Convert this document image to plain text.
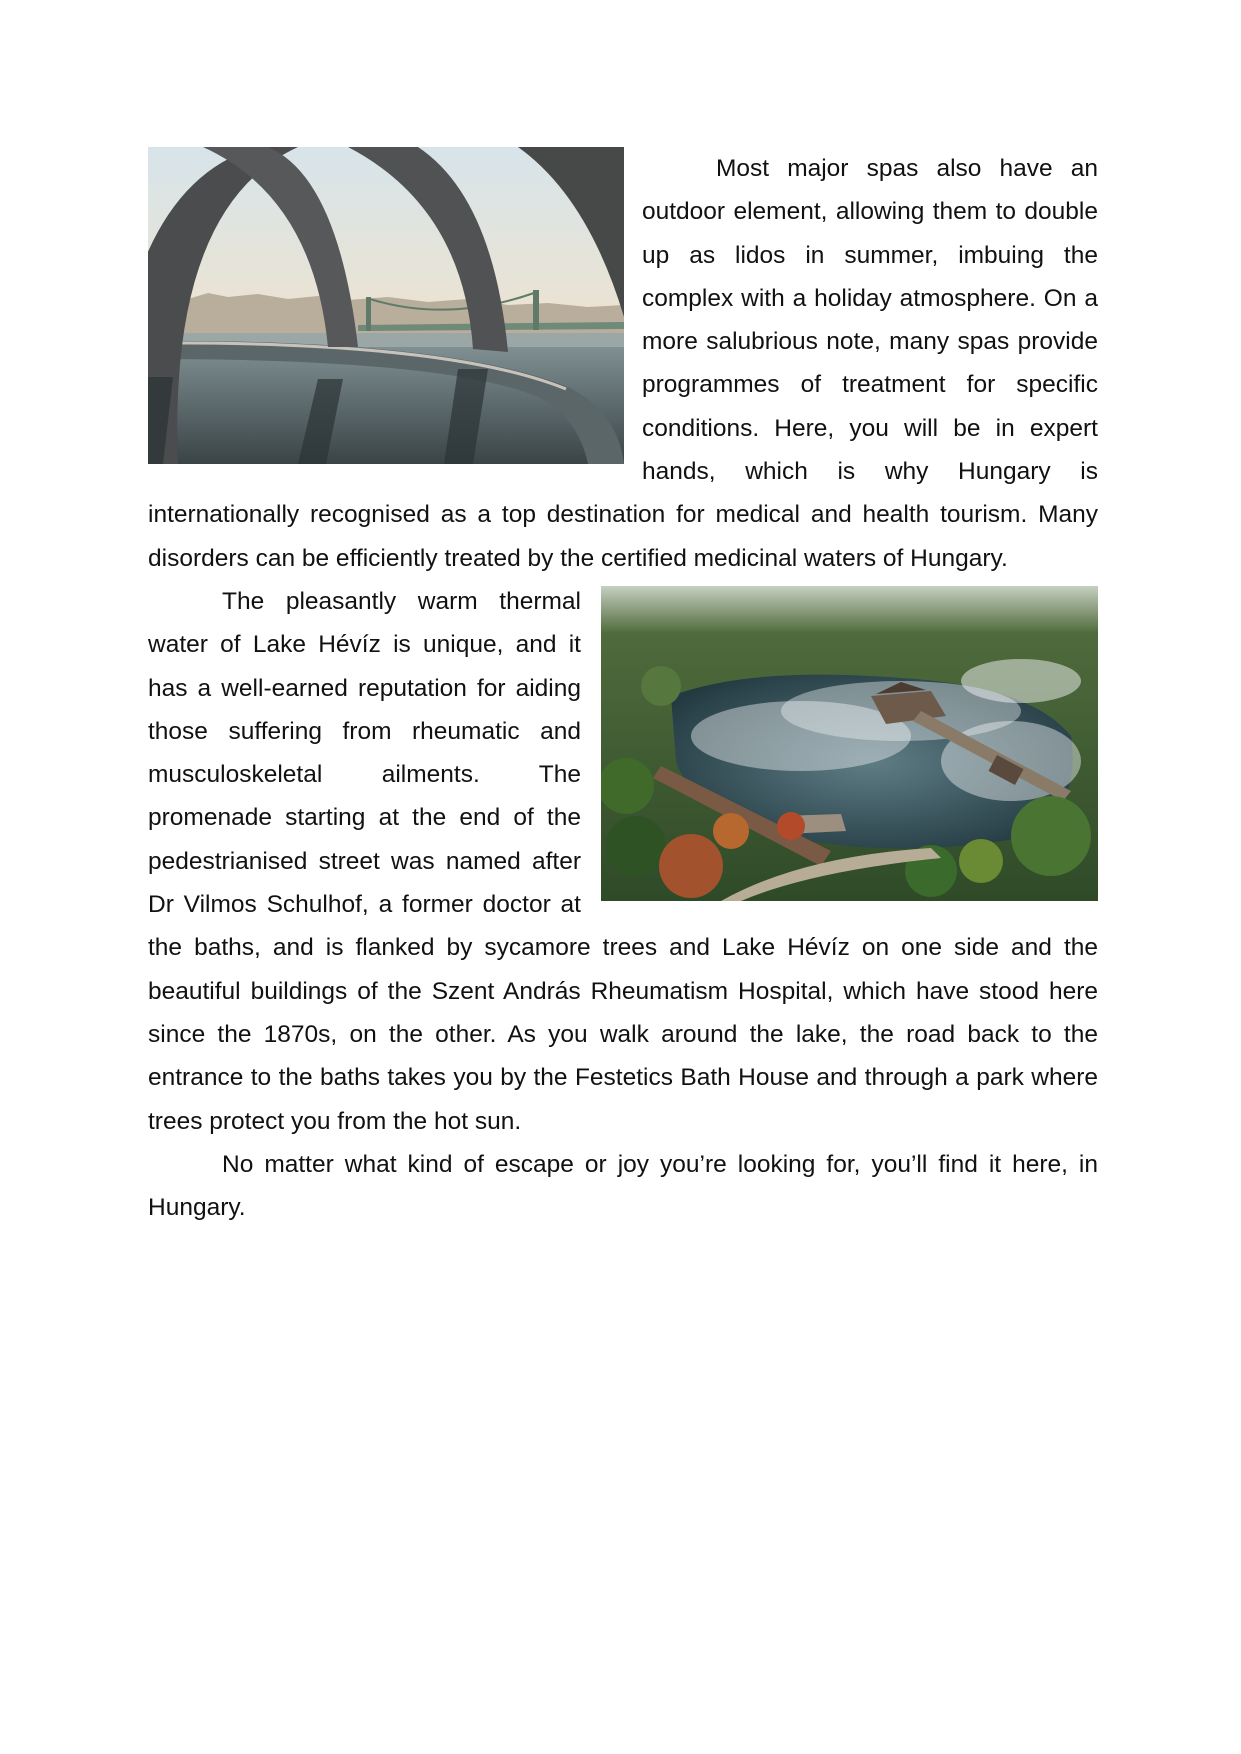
Most major spas also have an outdoor element, allowing them to double up as lidos in summer, imbuing the complex with a holiday atmosphere. On a more salubrious note, many spas provide programmes of treatment for specific conditions. Here, you will be in expert hands, which is why Hungary is internationally recognised as a top destination for medical and health tourism. Many disorders can be efficiently treated by the certified medicinal waters of Hungary.

The pleasantly warm thermal water of Lake Hévíz is unique, and it has a well-earned reputation for aiding those suffering from rheumatic and musculoskeletal ailments. The promenade starting at the end of the pedestrianised street was named after Dr Vilmos Schulhof, a former doctor at the baths, and is flanked by sycamore trees and Lake Hévíz on one side and the beautiful buildings of the Szent András Rheumatism Hospital, which have stood here since the 1870s, on the other. As you walk around the lake, the road back to the entrance to the baths takes you by the Festetics Bath House and through a park where trees protect you from the hot sun.

No matter what kind of escape or joy you’re looking for, you’ll find it here, in Hungary.
